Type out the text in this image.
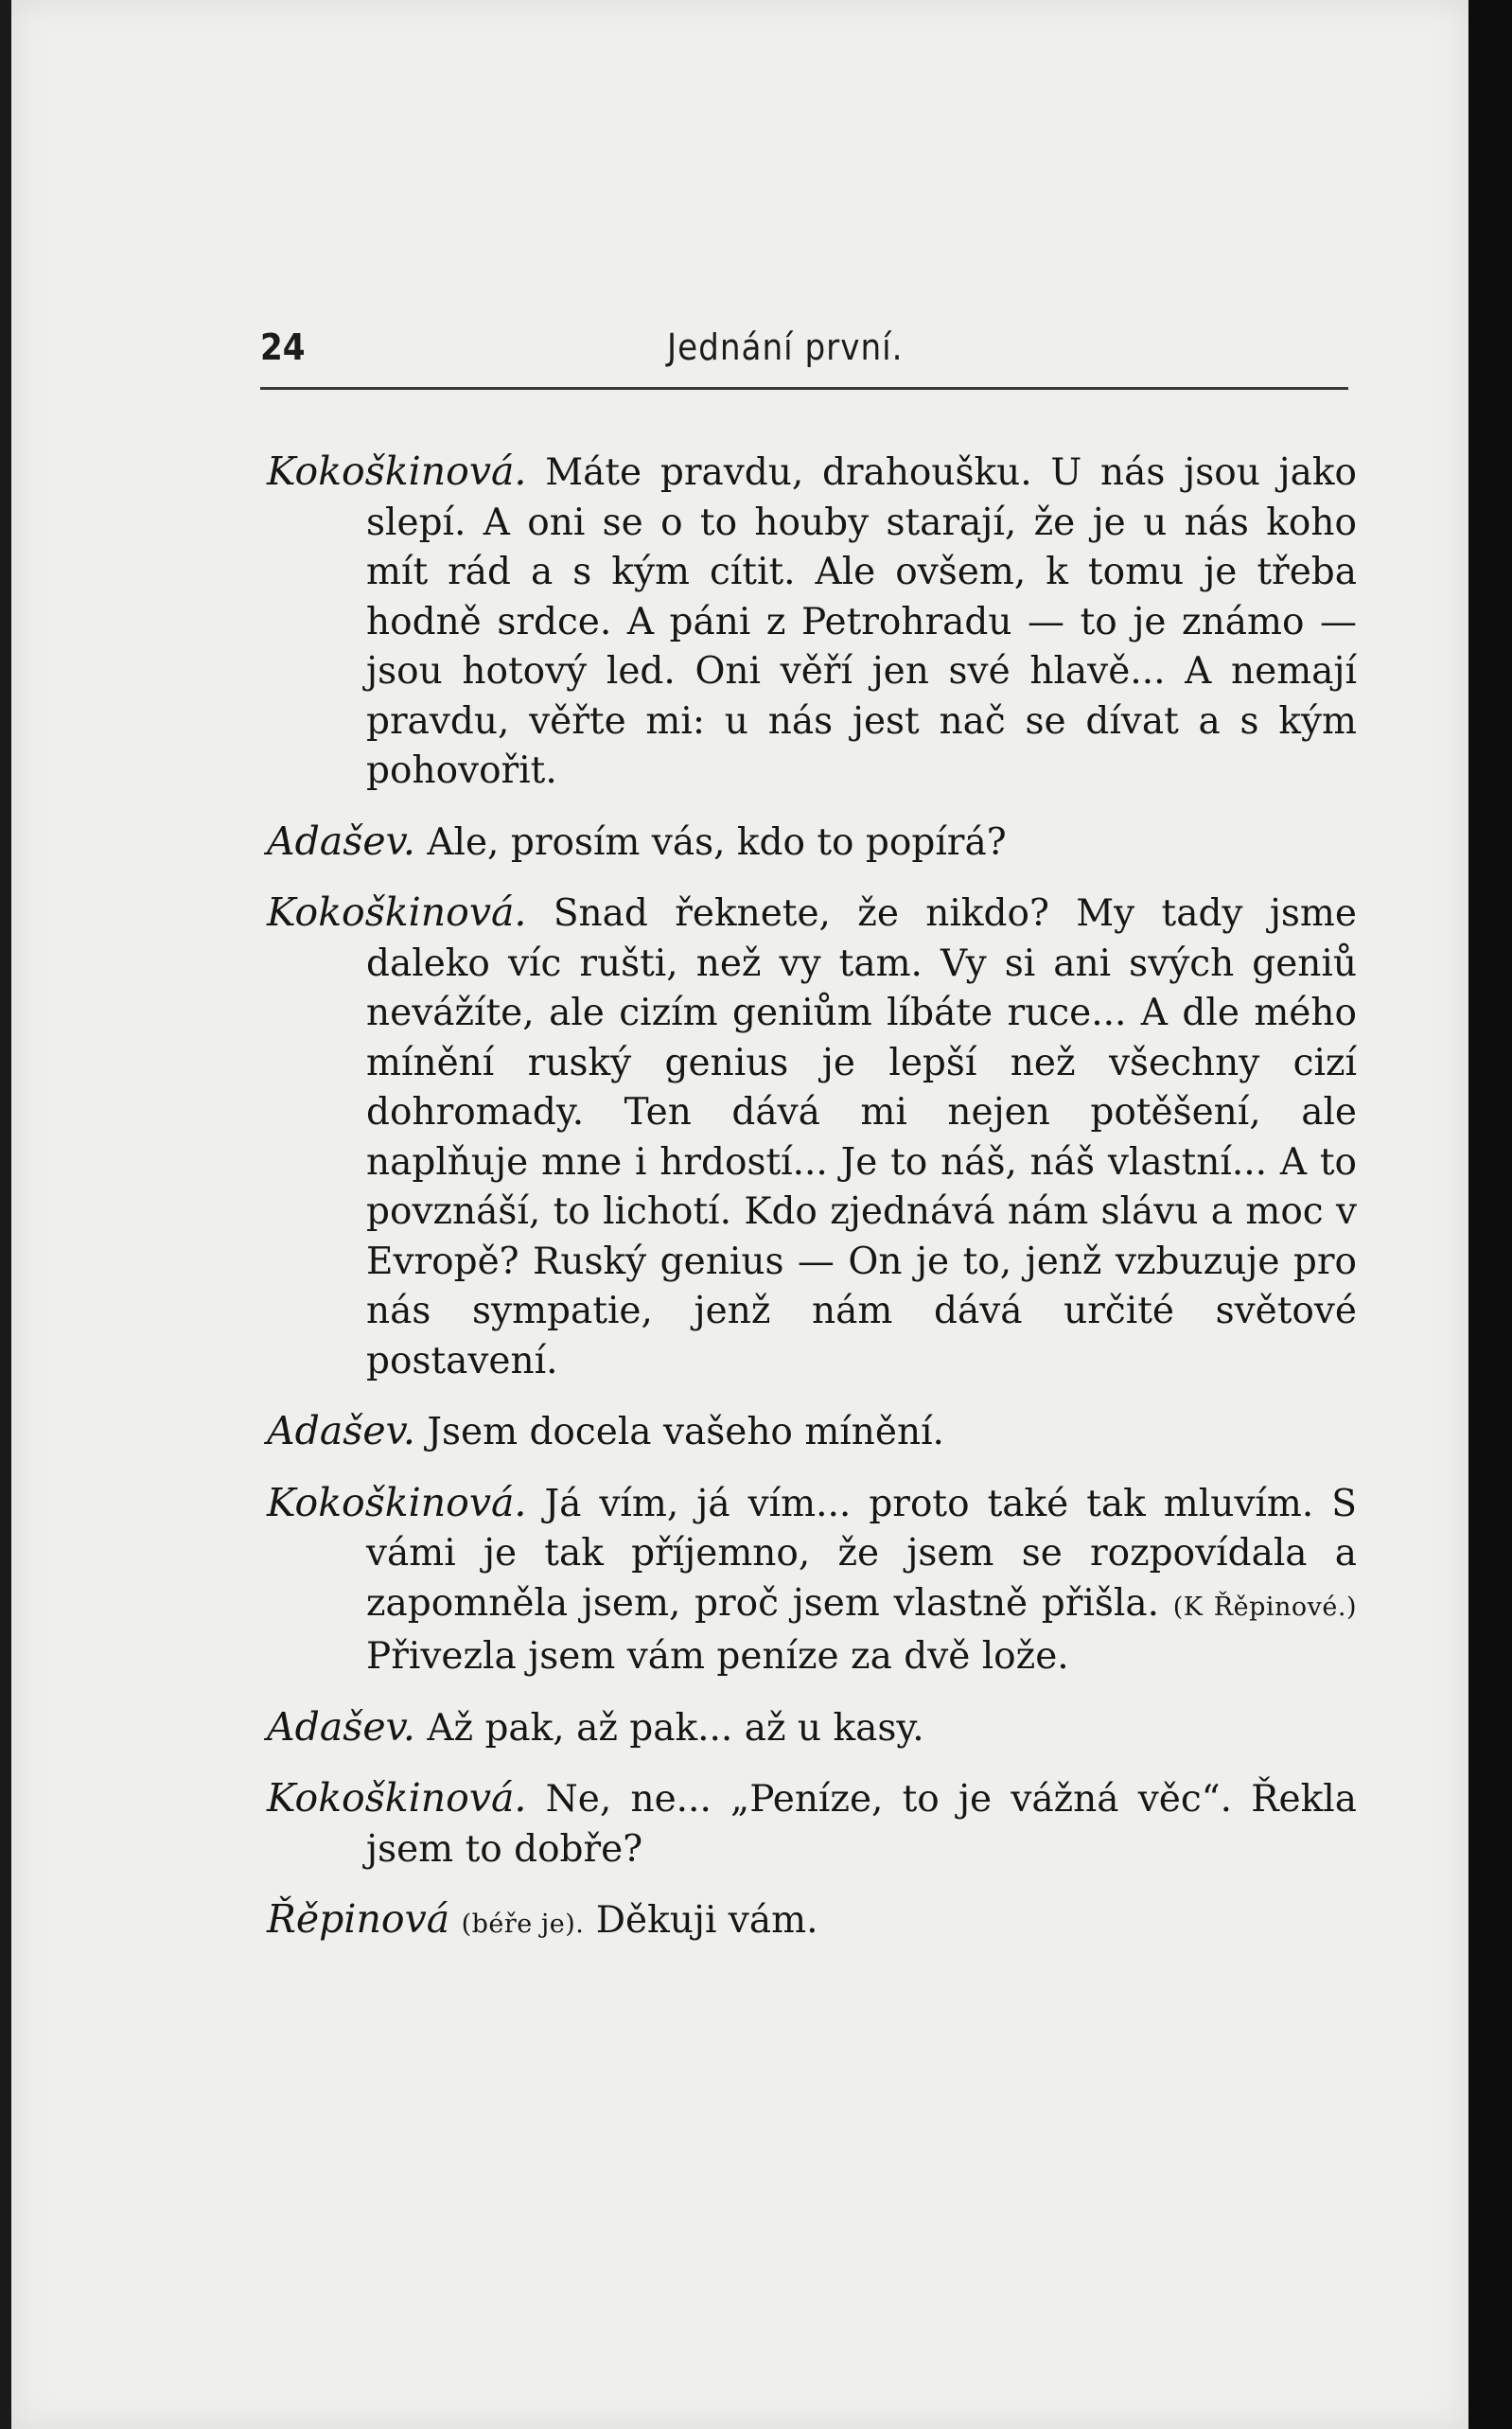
24	Jednání první.

Kokoškinová. Máte pravdu, drahoušku. U nás jsou jako slepí. A oni se o to houby starají, že je u nás koho mít rád a s kým cítit. Ale ovšem, k tomu je třeba hodně srdce. A páni z Petrohradu — to je známo — jsou hotový led. Oni věří jen své hlavě... A nemají pravdu, věřte mi: u nás jest nač se dívat a s kým pohovořit.

Adašev. Ale, prosím vás, kdo to popírá?

Kokoškinová. Snad řeknete, že nikdo? My tady jsme daleko víc rušti, než vy tam. Vy si ani svých geniů nevážíte, ale cizím geniům líbáte ruce... A dle mého mínění ruský genius je lepší než všechny cizí dohromady. Ten dává mi nejen potěšení, ale naplňuje mne i hrdostí... Je to náš, náš vlastní... A to povznáší, to lichotí. Kdo zjednává nám slávu a moc v Evropě? Ruský genius — On je to, jenž vzbuzuje pro nás sympatie, jenž nám dává určité světové postavení.

Adašev. Jsem docela vašeho mínění.

Kokoškinová. Já vím, já vím... proto také tak mluvím. S vámi je tak příjemno, že jsem se rozpovídala a zapomněla jsem, proč jsem vlastně přišla. (K Řěpinové.) Přivezla jsem vám peníze za dvě lože.

Adašev. Až pak, až pak... až u kasy.

Kokoškinová. Ne, ne... „Peníze, to je vážná věc“. Řekla jsem to dobře?

Řěpinová (béře je). Děkuji vám.
